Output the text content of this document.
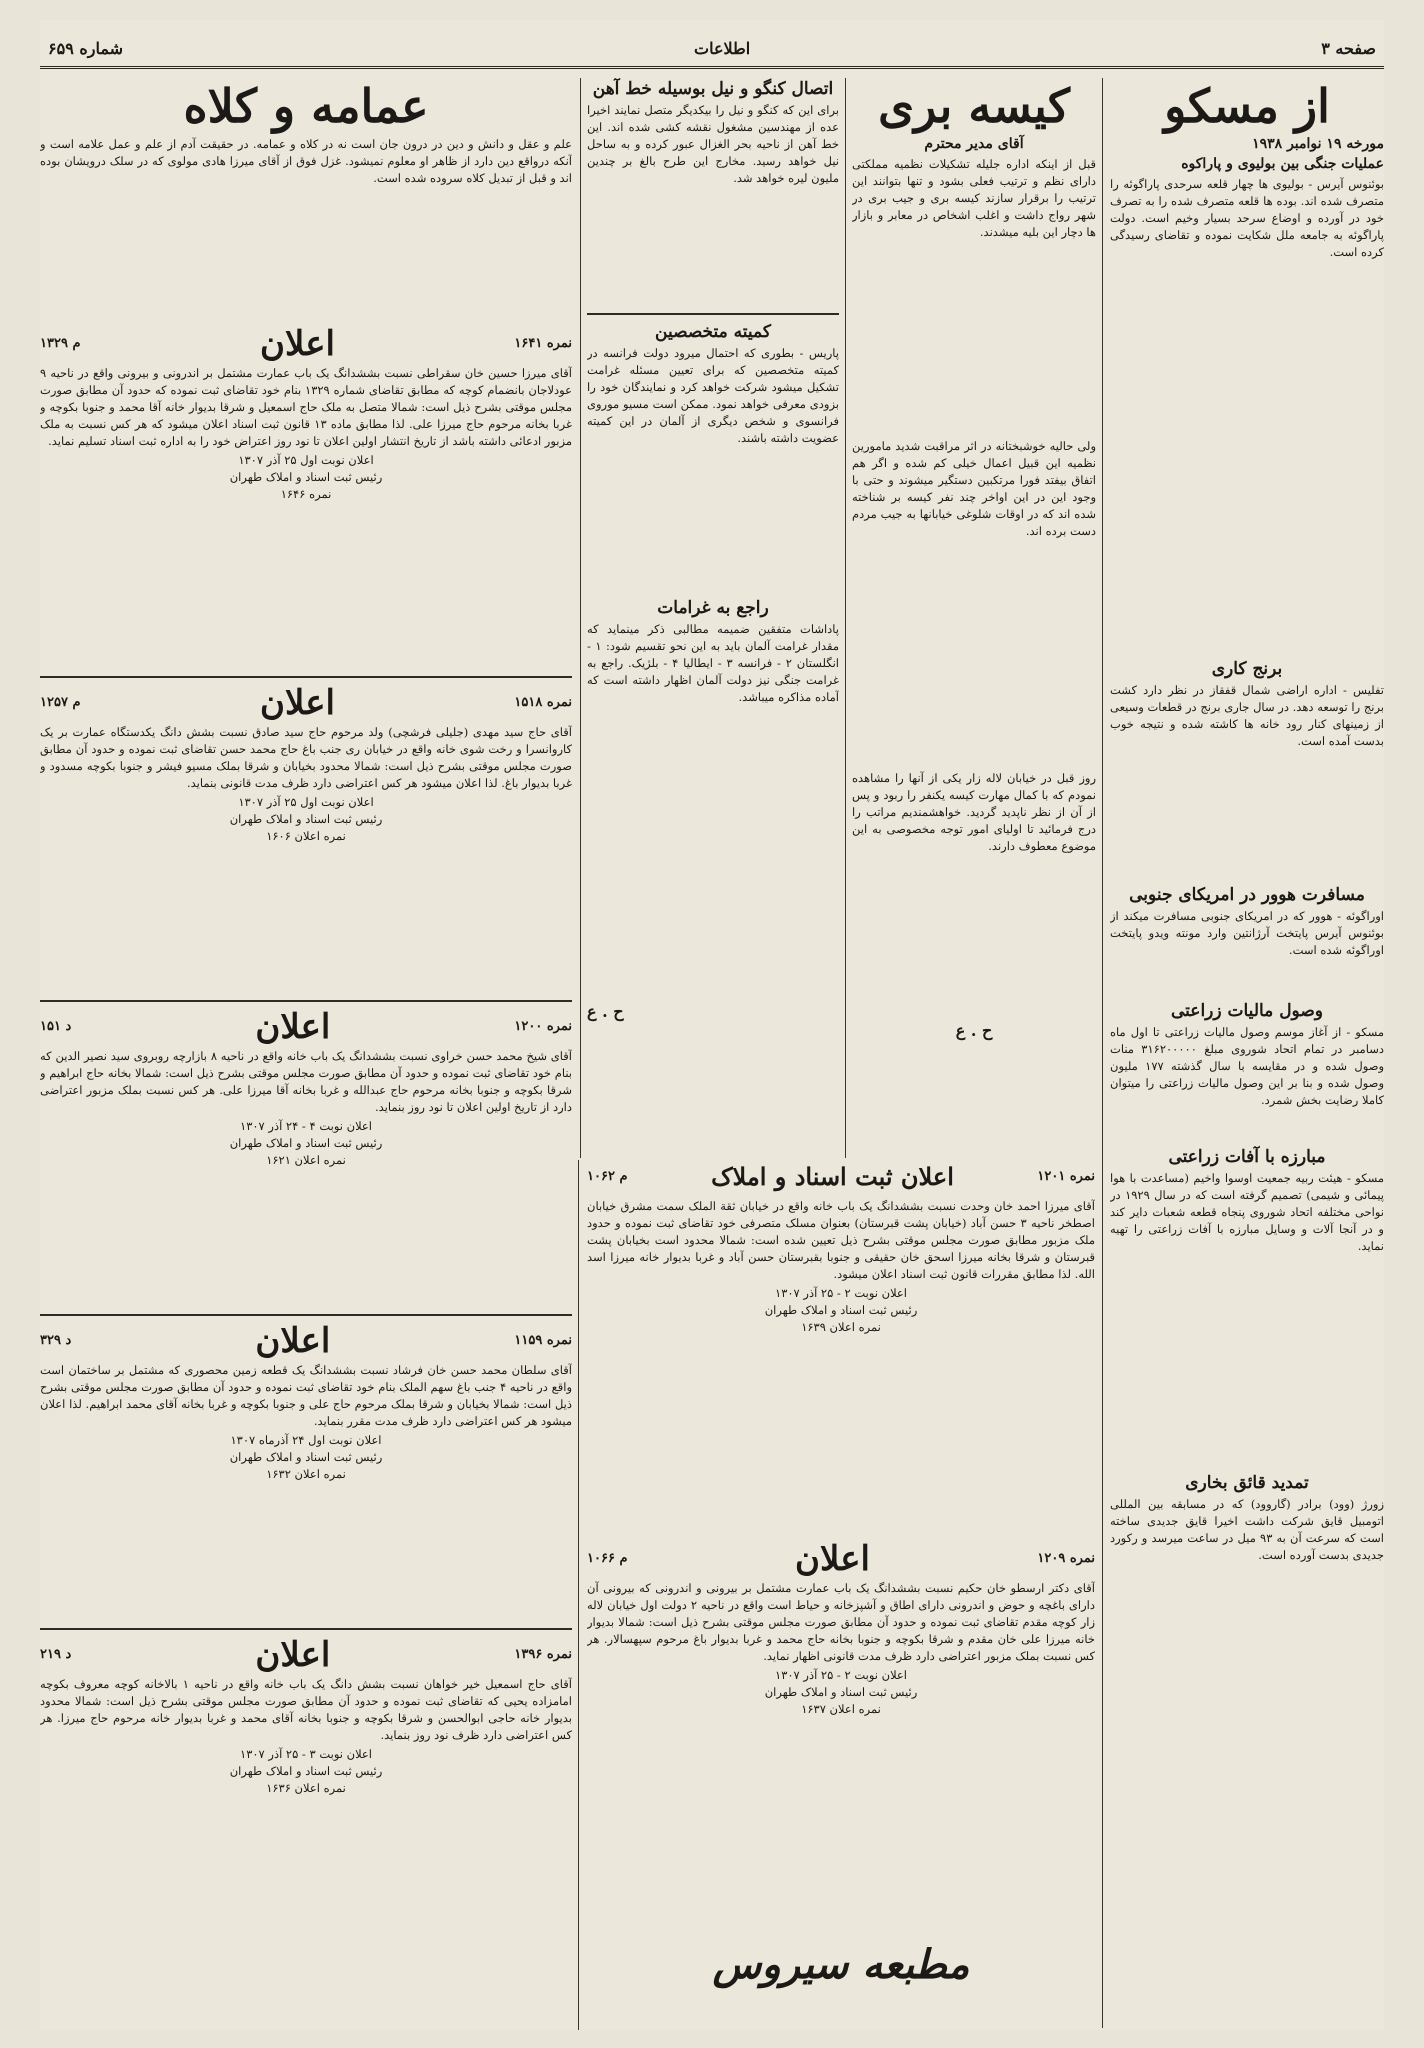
صفحه ۳
اطلاعات
شماره ۶۵۹
از مسکو
مورخه ۱۹ نوامبر ۱۹۳۸
عملیات جنگی بین بولیوی و پاراکوه

بوئنوس آیرس - بولیوی ها چهار قلعه سرحدی پاراگوئه را متصرف شده اند. بوده ها قلعه متصرف شده را به تصرف خود در آورده و اوضاع سرحد بسیار وخیم است. دولت پاراگوئه به جامعه ملل شکایت نموده و تقاضای رسیدگی کرده است.

برنج کاری

تفلیس - اداره اراضی شمال قفقاز در نظر دارد کشت برنج را توسعه دهد. در سال جاری برنج در قطعات وسیعی از زمینهای کنار رود خانه ها کاشته شده و نتیجه خوب بدست آمده است.

مسافرت هوور در امریکای جنوبی

اوراگوئه - هوور که در امریکای جنوبی مسافرت میکند از بوئنوس آیرس پایتخت آرژانتین وارد مونته ویدو پایتخت اوراگوئه شده است.

وصول مالیات زراعتی

مسکو - از آغاز موسم وصول مالیات زراعتی تا اول ماه دسامبر در تمام اتحاد شوروی مبلغ ۳۱۶۲۰۰۰۰۰ منات وصول شده و در مقایسه با سال گذشته ۱۷۷ ملیون وصول شده و بنا بر این وصول مالیات زراعتی را میتوان کاملا رضایت بخش شمرد.

مبارزه با آفات زراعتی

مسکو - هیئت ربیه جمعیت اوسوا واخیم (مساعدت با هوا پیمائی و شیمی) تصمیم گرفته است که در سال ۱۹۲۹ در نواحی مختلفه اتحاد شوروی پنجاه قطعه شعبات دایر کند و در آنجا آلات و وسایل مبارزه با آفات زراعتی را تهیه نماید.

تمدید قائق بخاری

زورژ (وود) برادر (گاروود) که در مسابقه بین المللی اتومبیل قایق شرکت داشت اخیرا قایق جدیدی ساخته است که سرعت آن به ۹۳ میل در ساعت میرسد و رکورد جدیدی بدست آورده است.

کیسه بری
آقای مدیر محترم

قبل از اینکه اداره جلیله تشکیلات نظمیه مملکتی دارای نظم و ترتیب فعلی بشود و تنها بتوانند این ترتیب را برقرار سازند کیسه بری و جیب بری در شهر رواج داشت و اغلب اشخاص در معابر و بازار ها دچار این بلیه میشدند.

ولی حالیه خوشبختانه در اثر مراقبت شدید مامورین نظمیه این قبیل اعمال خیلی کم شده و اگر هم اتفاق بیفتد فورا مرتکبین دستگیر میشوند و حتی با وجود این در این اواخر چند نفر کیسه بر شناخته شده اند که در اوقات شلوغی خیابانها به جیب مردم دست برده اند.

روز قبل در خیابان لاله زار یکی از آنها را مشاهده نمودم که با کمال مهارت کیسه یکنفر را ربود و پس از آن از نظر ناپدید گردید. خواهشمندیم مراتب را درج فرمائید تا اولیای امور توجه مخصوصی به این موضوع معطوف دارند.

ح . ع
اتصال کنگو و نیل بوسیله خط آهن

برای این که کنگو و نیل را بیکدیگر متصل نمایند اخیرا عده از مهندسین مشغول نقشه کشی شده اند. این خط آهن از ناحیه بحر الغزال عبور کرده و به ساحل نیل خواهد رسید. مخارج این طرح بالغ بر چندین ملیون لیره خواهد شد.

کمیته متخصصین

پاریس - بطوری که احتمال میرود دولت فرانسه در کمیته متخصصین که برای تعیین مسئله غرامت تشکیل میشود شرکت خواهد کرد و نمایندگان خود را بزودی معرفی خواهد نمود. ممکن است مسیو موروی فرانسوی و شخص دیگری از آلمان در این کمیته عضویت داشته باشند.

راجع به غرامات

پاداشات متفقین ضمیمه مطالبی ذکر مینماید که مقدار غرامت آلمان باید به این نحو تقسیم شود: ۱ - انگلستان ۲ - فرانسه ۳ - ایطالیا ۴ - بلژیک. راجع به غرامت جنگی نیز دولت آلمان اظهار داشته است که آماده مذاکره میباشد.

ح . ع
عمامه و کلاه

علم و عقل و دانش و دین در درون جان است نه در کلاه و عمامه. در حقیقت آدم از علم و عمل علامه است و آنکه درواقع دین دارد از ظاهر او معلوم نمیشود. غزل فوق از آقای میرزا هادی مولوی که در سلک درویشان بوده اند و قبل از تبدیل کلاه سروده شده است.

نمره ۱۶۴۱
اعلان
م ۱۳۲۹

آقای میرزا حسین خان سقراطی نسبت بششدانگ یک باب عمارت مشتمل بر اندرونی و بیرونی واقع در ناحیه ۹ عودلاجان بانضمام کوچه که مطابق تقاضای شماره ۱۳۲۹ بنام خود تقاضای ثبت نموده که حدود آن مطابق صورت مجلس موقتی بشرح ذیل است: شمالا متصل به ملک حاج اسمعیل و شرقا بدیوار خانه آقا محمد و جنوبا بکوچه و غربا بخانه مرحوم حاج میرزا علی. لذا مطابق ماده ۱۳ قانون ثبت اسناد اعلان میشود که هر کس نسبت به ملک مزبور ادعائی داشته باشد از تاریخ انتشار اولین اعلان تا نود روز اعتراض خود را به اداره ثبت اسناد تسلیم نماید.

اعلان نوبت اول ۲۵ آذر ۱۳۰۷
رئیس ثبت اسناد و املاک طهران
نمره ۱۶۴۶
نمره ۱۵۱۸
اعلان
م ۱۲۵۷

آقای حاج سید مهدی (جلیلی فرشچی) ولد مرحوم حاج سید صادق نسبت بشش دانگ یکدستگاه عمارت بر یک کاروانسرا و رخت شوی خانه واقع در خیابان ری جنب باغ حاج محمد حسن تقاضای ثبت نموده و حدود آن مطابق صورت مجلس موقتی بشرح ذیل است: شمالا محدود بخیابان و شرقا بملک مسیو فیشر و جنوبا بکوچه مسدود و غربا بدیوار باغ. لذا اعلان میشود هر کس اعتراضی دارد ظرف مدت قانونی بنماید.

اعلان نوبت اول ۲۵ آذر ۱۳۰۷
رئیس ثبت اسناد و املاک طهران
نمره اعلان ۱۶۰۶
نمره ۱۲۰۰
اعلان
د ۱۵۱

آقای شیخ محمد حسن خراوی نسبت بششدانگ یک باب خانه واقع در ناحیه ۸ بازارچه روبروی سید نصیر الدین که بنام خود تقاضای ثبت نموده و حدود آن مطابق صورت مجلس موقتی بشرح ذیل است: شمالا بخانه حاج ابراهیم و شرقا بکوچه و جنوبا بخانه مرحوم حاج عبدالله و غربا بخانه آقا میرزا علی. هر کس نسبت بملک مزبور اعتراضی دارد از تاریخ اولین اعلان تا نود روز بنماید.

اعلان نوبت ۴ - ۲۴ آذر ۱۳۰۷
رئیس ثبت اسناد و املاک طهران
نمره اعلان ۱۶۲۱
نمره ۱۱۵۹
اعلان
د ۳۲۹

آقای سلطان محمد حسن خان فرشاد نسبت بششدانگ یک قطعه زمین محصوری که مشتمل بر ساختمان است واقع در ناحیه ۴ جنب باغ سهم الملک بنام خود تقاضای ثبت نموده و حدود آن مطابق صورت مجلس موقتی بشرح ذیل است: شمالا بخیابان و شرقا بملک مرحوم حاج علی و جنوبا بکوچه و غربا بخانه آقای محمد ابراهیم. لذا اعلان میشود هر کس اعتراضی دارد ظرف مدت مقرر بنماید.

اعلان نوبت اول ۲۴ آذرماه ۱۳۰۷
رئیس ثبت اسناد و املاک طهران
نمره اعلان ۱۶۳۲
نمره ۱۳۹۶
اعلان
د ۲۱۹

آقای حاج اسمعیل خیر خواهان نسبت بشش دانگ یک باب خانه واقع در ناحیه ۱ بالاخانه کوچه معروف بکوچه امامزاده یحیی که تقاضای ثبت نموده و حدود آن مطابق صورت مجلس موقتی بشرح ذیل است: شمالا محدود بدیوار خانه حاجی ابوالحسن و شرقا بکوچه و جنوبا بخانه آقای محمد و غربا بدیوار خانه مرحوم حاج میرزا. هر کس اعتراضی دارد ظرف نود روز بنماید.

اعلان نوبت ۳ - ۲۵ آذر ۱۳۰۷
رئیس ثبت اسناد و املاک طهران
نمره اعلان ۱۶۳۶
نمره ۱۲۰۱
اعلان ثبت اسناد و املاک
م ۱۰۶۲

آقای میرزا احمد خان وحدت نسبت بششدانگ یک باب خانه واقع در خیابان ثقة الملک سمت مشرق خیابان اصطخر ناحیه ۳ حسن آباد (خیابان پشت قبرستان) بعنوان مسلک متصرفی خود تقاضای ثبت نموده و حدود ملک مزبور مطابق صورت مجلس موقتی بشرح ذیل تعیین شده است: شمالا محدود است بخیابان پشت قبرستان و شرقا بخانه میرزا اسحق خان حقیقی و جنوبا بقبرستان حسن آباد و غربا بدیوار خانه میرزا اسد الله. لذا مطابق مقررات قانون ثبت اسناد اعلان میشود.

اعلان نوبت ۲ - ۲۵ آذر ۱۳۰۷
رئیس ثبت اسناد و املاک طهران
نمره اعلان ۱۶۳۹
نمره ۱۲۰۹
اعلان
م ۱۰۶۶

آقای دکتر ارسطو خان حکیم نسبت بششدانگ یک باب عمارت مشتمل بر بیرونی و اندرونی که بیرونی آن دارای باغچه و حوض و اندرونی دارای اطاق و آشپزخانه و حیاط است واقع در ناحیه ۲ دولت اول خیابان لاله زار کوچه مقدم تقاضای ثبت نموده و حدود آن مطابق صورت مجلس موقتی بشرح ذیل است: شمالا بدیوار خانه میرزا علی خان مقدم و شرقا بکوچه و جنوبا بخانه حاج محمد و غربا بدیوار باغ مرحوم سپهسالار. هر کس نسبت بملک مزبور اعتراضی دارد ظرف مدت قانونی اظهار نماید.

اعلان نوبت ۲ - ۲۵ آذر ۱۳۰۷
رئیس ثبت اسناد و املاک طهران
نمره اعلان ۱۶۳۷
مطبعه سیروس
